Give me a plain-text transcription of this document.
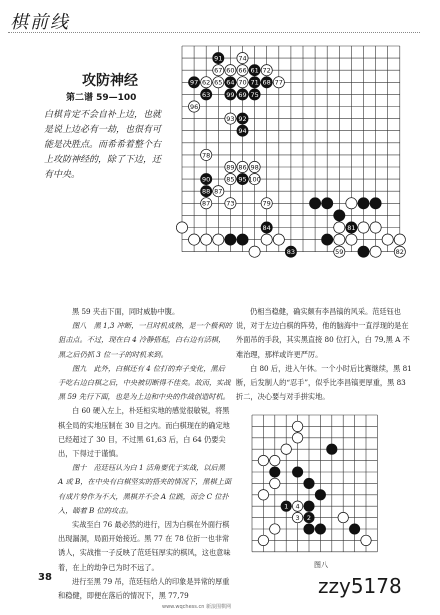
棋前线
攻防神经
第二谱 59—100
白棋肯定不会自补上边，也就是说上边必有一劫，也很有可能是决胜点。而希希着整个右上攻防神经的，除了下边，还有中央。
91 74
67 60 66 61 72
97 62 65 64 70 71 68 77
63 99 69 75
96
93 92
94
78
89 86 98
90 85 95 100
88 87
87 73	79
84	81
83	59	82

黑 59 夹击下面，同时威胁中腹。

图八　黑 1,3 冲断，一旦时机成熟，是一个极利的狙击点。不过，现在白 4 冷静搭起，白右边有活棋，黑之后仍抓 3 位一子的时机来到。

图九　此外，白棋还有 4 位打的弃子变化，黑后手吃右边白棋之后，中央被切断得不佳矣。故而，实战黑 59 先行下面，也是为上边和中央的作战创造时机。

白 60 硬入左上，朴廷桓实地的感觉很敏锐，将黑棋全局的实地压制在 30 目之内。而白棋现在的确定地已经超过了 30 目，不过黑 61,63 后，白 64 仍要尖出，下得过于谨慎。

图十　范廷钰认为白 1 活角要优于实战，以后黑 A 或 B，在中央有白棋坚实的搭夹的情况下，黑棋上面有成片势作为不大，黑棋并不会 A 位跳，而会 C 位扑入，瞄着 B 位的攻击。

实战至白 76 最必然的进行，因为白棋在外面行棋出现漏洞，局面开始接近。黑 77 在 78 位折一也非常诱人，实战推一子反映了范廷钰厚实的棋风，这也意味着，在上的劫争已为时不远了。

进行至黑 79 吊，范廷钰给人的印象是异常的厚重和稳健，即便在落后的情况下，黑 77,79

仍相当稳健，确实颇有李昌镐的风采。范廷钰也说，对于左边白棋的阵势，他的脑海中一直浮现的是在外面吊的手段，其实黑直接 80 位打入，白 79,黑 A 不难治理，那样或许更严厉。

白 80 后，进入午休。一个小时后比赛继续，黑 81 断，后发制人的“忍手”，似乎比李昌镐更厚重，黑 83 折二，决心要与对手拼实地。

3 2
1 4
图八
38	zzy5178
www.wqchess.cn 新浪围棋网
